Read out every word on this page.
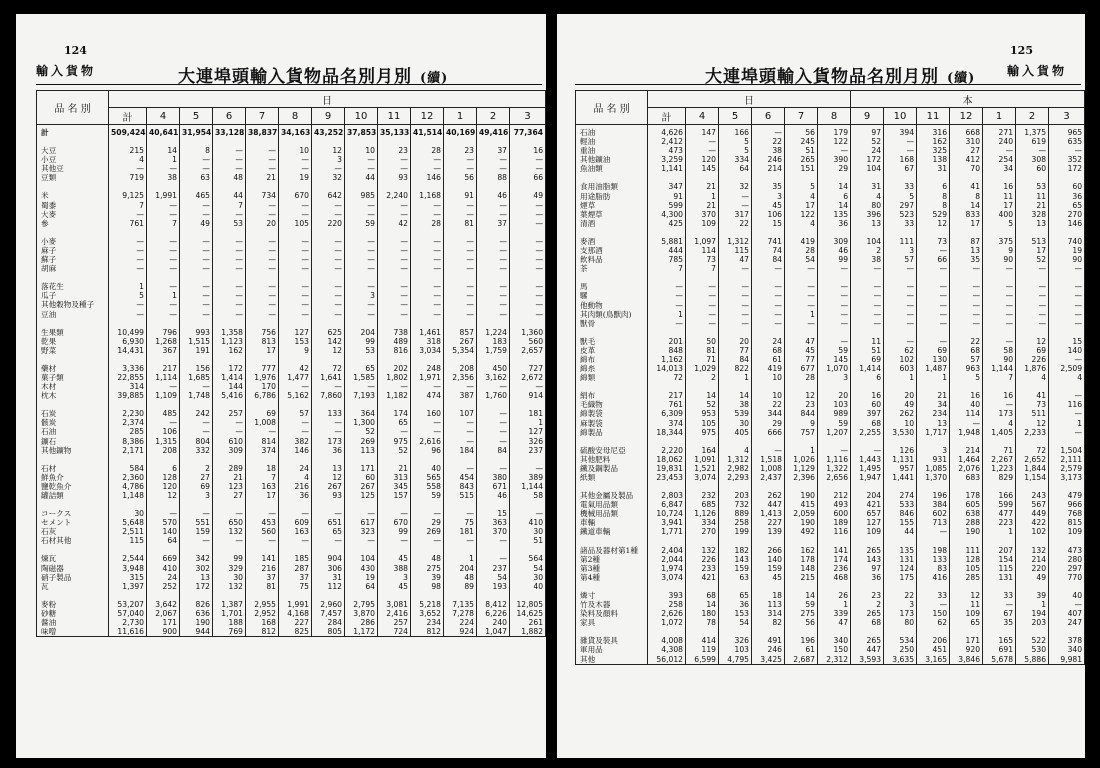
124
輸入貨物	大連埠頭輸入貨物品名別月別 (續)
品 名 別	日												
	計	4	5	6	7	8	9	10	11	12	1	2	3
計	509,424	40,641	31,954	33,128	38,837	34,163	43,252	37,853	35,133	41,514	40,169	49,416	77,364

大豆	215	14	8	—	—	10	12	10	23	28	23	37	16
小豆	4	1	—	—	—	—	3	—	—	—	—	—	—
其他豆	—	—	—	—	—	—	—	—	—	—	—	—	—
豆類	719	38	63	48	21	19	32	44	93	146	56	88	66

米	9,125	1,991	465	44	734	670	642	985	2,240	1,168	91	46	49
蜀黍	7	—	—	7	—	—	—	—	—	—	—	—	—
大麥	—	—	—	—	—	—	—	—	—	—	—	—	—
參	761	7	49	53	20	105	220	59	42	28	81	37	—

小麥	—	—	—	—	—	—	—	—	—	—	—	—	—
麻子	—	—	—	—	—	—	—	—	—	—	—	—	—
蘇子	—	—	—	—	—	—	—	—	—	—	—	—	—
胡麻	—	—	—	—	—	—	—	—	—	—	—	—	—

落花生	1	—	—	—	—	—	—	—	—	—	—	—	—
瓜子	5	1	—	—	—	—	—	3	—	—	—	—	—
其他穀物及種子	—	—	—	—	—	—	—	—	—	—	—	—	—
豆油	—	—	—	—	—	—	—	—	—	—	—	—	—

生果類	10,499	796	993	1,358	756	127	625	204	738	1,461	857	1,224	1,360
乾果	6,930	1,268	1,515	1,123	813	153	142	99	489	318	267	183	560
野菜	14,431	367	191	162	17	9	12	53	816	3,034	5,354	1,759	2,657

藥材	3,336	217	156	172	777	42	72	65	202	248	208	450	727
菓子類	22,855	1,114	1,685	1,414	1,976	1,477	1,641	1,585	1,802	1,971	2,356	3,162	2,672
木材	314	—	—	144	170	—	—	—	—	—	—	—	—
枕木	39,885	1,109	1,748	5,416	6,786	5,162	7,860	7,193	1,182	474	387	1,760	914

石炭	2,230	485	242	257	69	57	133	364	174	160	107	—	181
骸炭	2,374	—	—	—	1,008	—	—	1,300	65	—	—	—	1
石油	285	106	—	—	—	—	—	52	—	—	—	—	127
鑛石	8,386	1,315	804	610	814	382	173	269	975	2,616	—	—	326
其他鑛物	2,171	208	332	309	374	146	36	113	52	96	184	84	237

石材	584	6	2	289	18	24	13	171	21	40	—	—	—
鮮魚介	2,360	128	27	21	7	4	12	60	313	565	454	380	389
鹽乾魚介	4,786	120	69	123	163	216	267	267	345	558	843	671	1,144
罐詰類	1,148	12	3	27	17	36	93	125	157	59	515	46	58

コークス	30	—	—	—	—	—	—	—	—	—	—	15	—
セメント	5,648	570	551	650	453	609	651	617	670	29	75	363	410
石灰	2,511	140	159	132	560	163	65	323	99	269	181	370	30
石材其他	115	64	—	—	—	—	—	—	—	—	—	—	51

煉瓦	2,544	669	342	99	141	185	904	104	45	48	1	—	564
陶磁器	3,948	410	302	329	216	287	306	430	388	275	204	237	54
硝子製品	315	24	13	30	37	37	31	19	3	39	48	54	30
瓦	1,397	252	172	132	81	75	112	64	45	98	89	193	40

麥粉	53,207	3,642	826	1,387	2,955	1,991	2,960	2,795	3,081	5,218	7,135	8,412	12,805
砂糖	57,040	2,067	636	1,701	2,952	4,168	7,457	3,870	2,416	3,652	7,278	6,226	14,625
醤油	2,730	171	190	188	168	227	284	286	257	234	224	240	261
味噌	11,616	900	944	769	812	825	805	1,172	724	812	924	1,047	1,882
125
輸入貨物
大連埠頭輸入貨物品名別月別 (續)
品 名 別	日						本						
	計	4	5	6	7	8	9	10	11	12	1	2	3
石油	4,626	147	166	—	56	179	97	394	316	668	271	1,375	965
輕油	2,412	—	5	22	245	122	52	—	162	310	240	619	635
重油	473	—	5	38	51	—	24	—	325	27	—	—	—
其他鑛油	3,259	120	334	246	265	390	172	168	138	412	254	308	352
魚油類	1,141	145	64	214	151	29	104	67	31	70	34	60	172

食用油脂類	347	21	32	35	5	14	31	33	6	41	16	53	60
用途脂肪	91	1	—	3	4	6	4	5	8	8	11	11	36
煙草	599	21	—	45	17	14	80	297	8	14	17	21	65
葉煙草	4,300	370	317	106	122	135	396	523	529	833	400	328	270
清酒	425	109	22	15	4	36	13	33	12	17	5	13	146

麥酒	5,881	1,097	1,312	741	419	309	104	111	73	87	375	513	740
支那酒	444	114	115	74	28	46	2	3	—	13	9	17	19
飲料品	785	73	47	84	54	99	38	57	66	35	90	52	90
茶	7	7	—	—	—	—	—	—	—	—	—	—	—

馬	—	—	—	—	—	—	—	—	—	—	—	—	—
騾	—	—	—	—	—	—	—	—	—	—	—	—	—
他動物	—	—	—	—	—	—	—	—	—	—	—	—	—
其肉類(鳥獸肉)	1	—	—	—	1	—	—	—	—	—	—	—	—
獸骨	—	—	—	—	—	—	—	—	—	—	—	—	—

獸毛	201	50	20	24	47	—	11	—	—	22	—	12	15
皮革	848	81	77	68	45	59	51	62	69	68	58	69	140
綿布	1,162	71	84	61	77	145	69	102	130	57	90	226	—
綿糸	14,013	1,029	822	419	677	1,070	1,414	603	1,487	963	1,144	1,876	2,509
綿類	72	2	1	10	28	3	6	1	1	5	7	4	4

絹布	217	14	14	10	12	20	16	20	21	16	16	41	—
毛織物	761	52	38	22	23	103	60	49	34	40	—	73	116
綿製袋	6,309	953	539	344	844	989	397	262	234	114	173	511	—
麻製袋	374	105	30	29	9	59	68	10	13	—	4	12	1
綿製品	18,344	975	405	666	757	1,207	2,255	3,530	1,717	1,948	1,405	2,233	—

硫酸安母尼亞	2,220	164	4	—	1	—	—	126	3	214	71	72	1,504
其他肥料	18,062	1,091	1,312	1,518	1,026	1,116	1,443	1,131	931	1,464	2,267	2,652	2,111
鐵及鋼製品	19,831	1,521	2,982	1,008	1,129	1,322	1,495	957	1,085	2,076	1,223	1,844	2,579
紙類	23,453	3,074	2,293	2,437	2,396	2,656	1,947	1,441	1,370	683	829	1,154	3,173

其他金屬及製品	2,803	232	203	262	190	212	204	274	196	178	166	243	479
電氣用品類	6,847	685	732	447	415	493	421	533	384	605	599	567	966
機械用品類	10,724	1,126	889	1,413	2,059	600	657	846	602	638	477	449	768
車輛	3,941	334	258	227	190	189	127	155	713	288	223	422	815
鐵道車輛	1,771	270	199	139	492	116	109	44	—	190	1	102	109

諸品及器材第1種	2,404	132	182	266	162	141	265	135	198	111	207	132	473
第2種	2,044	226	143	140	178	174	143	131	133	128	154	214	280
第3種	1,974	233	159	159	148	236	97	124	83	105	115	220	297
第4種	3,074	421	63	45	215	468	36	175	416	285	131	49	770

燐寸	393	68	65	18	14	26	23	22	33	12	33	39	40
竹及木器	258	14	36	113	59	1	2	3	—	11	—	1	—
染料及顏料	2,626	180	153	314	275	339	265	173	150	109	67	194	407
家具	1,072	78	54	82	56	47	68	80	62	65	35	203	247

雜貨及裝具	4,008	414	326	491	196	340	265	534	206	171	165	522	378
軍用品	4,308	119	103	246	61	150	447	250	451	920	691	530	340
其他	56,012	6,599	4,795	3,425	2,687	2,312	3,593	3,635	3,165	3,846	5,678	5,886	9,981
